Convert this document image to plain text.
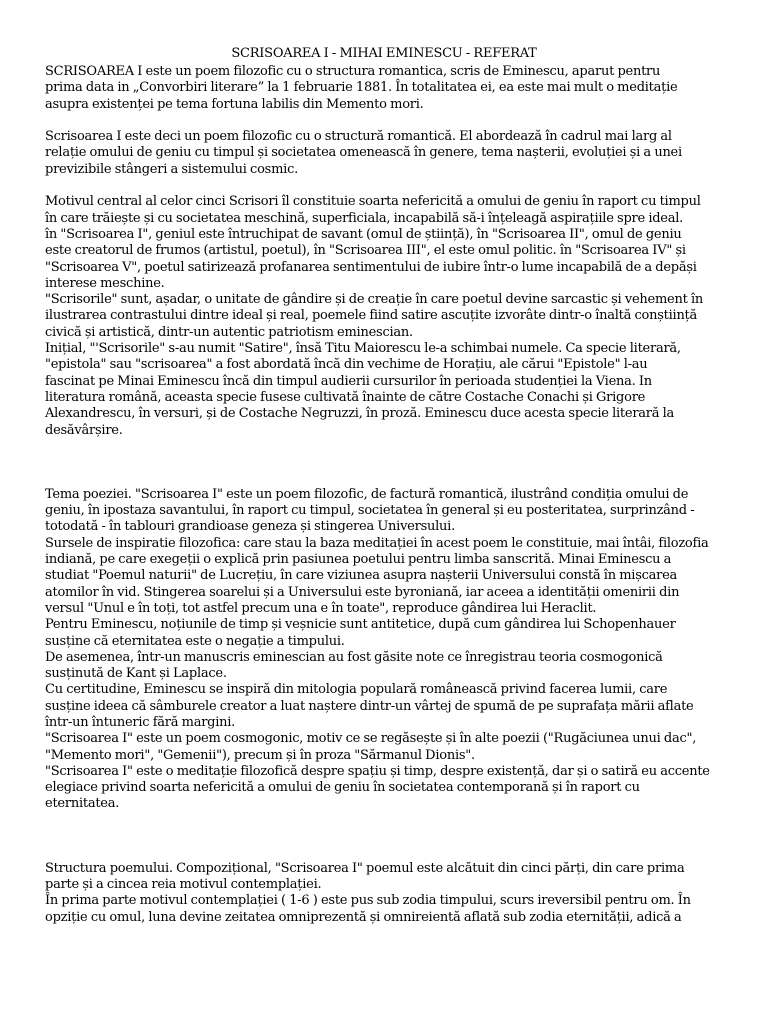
SCRISOAREA I - MIHAI EMINESCU - REFERAT
SCRISOAREA I este un poem filozofic cu o structura romantica, scris de Eminescu, aparut pentru
prima data in „Convorbiri literare” la 1 februarie 1881. În totalitatea ei, ea este mai mult o meditație
asupra existenței pe tema fortuna labilis din Memento mori.
Scrisoarea I este deci un poem filozofic cu o structură romantică. El abordează în cadrul mai larg al
relație omului de geniu cu timpul și societatea omenească în genere, tema nașterii, evoluției și a unei
previzibile stângeri a sistemului cosmic.
Motivul central al celor cinci Scrisori îl constituie soarta nefericită a omului de geniu în raport cu timpul
în care trăiește și cu societatea meschină, superficiala, incapabilă să-i înțeleagă aspirațiile spre ideal.
în "Scrisoarea I", geniul este întruchipat de savant (omul de știință), în "Scrisoarea II", omul de geniu
este creatorul de frumos (artistul, poetul), în "Scrisoarea III", el este omul politic. în "Scrisoarea IV" și
"Scrisoarea V", poetul satirizează profanarea sentimentului de iubire într-o lume incapabilă de a depăși
interese meschine.
"Scrisorile" sunt, așadar, o unitate de gândire și de creație în care poetul devine sarcastic și vehement în
ilustrarea contrastului dintre ideal și real, poemele fiind satire ascuțite izvorâte dintr-o înaltă conștiință
civică și artistică, dintr-un autentic patriotism eminescian.
Inițial, "'Scrisorile" s-au numit "Satire", însă Titu Maiorescu le-a schimbai numele. Ca specie literară,
"epistola" sau "scrisoarea" a fost abordată încă din vechime de Horațiu, ale cărui "Epistole" l-au
fascinat pe Minai Eminescu încă din timpul audierii cursurilor în perioada studenției la Viena. In
literatura română, aceasta specie fusese cultivată înainte de către Costache Conachi și Grigore
Alexandrescu, în versuri, și de Costache Negruzzi, în proză. Eminescu duce acesta specie literară la
desăvârșire.
Tema poeziei. "Scrisoarea I" este un poem filozofic, de factură romantică, ilustrând condiția omului de
geniu, în ipostaza savantului, în raport cu timpul, societatea în general și eu posteritatea, surprinzând -
totodată - în tablouri grandioase geneza și stingerea Universului.
Sursele de inspiratie filozofica: care stau la baza meditației în acest poem le constituie, mai întâi, filozofia
indiană, pe care exegeții o explică prin pasiunea poetului pentru limba sanscrită. Minai Eminescu a
studiat "Poemul naturii" de Lucrețiu, în care viziunea asupra nașterii Universului constă în mișcarea
atomilor în vid. Stingerea soarelui și a Universului este byroniană, iar aceea a identității omenirii din
versul "Unul e în toți, tot astfel precum una e în toate", reproduce gândirea lui Heraclit.
Pentru Eminescu, noțiunile de timp și veșnicie sunt antitetice, după cum gândirea lui Schopenhauer
susține că eternitatea este o negație a timpului.
De asemenea, într-un manuscris eminescian au fost găsite note ce înregistrau teoria cosmogonică
susținută de Kant și Laplace.
Cu certitudine, Eminescu se inspiră din mitologia populară românească privind facerea lumii, care
susține ideea că sâmburele creator a luat naștere dintr-un vârtej de spumă de pe suprafața mării aflate
într-un întuneric fără margini.
"Scrisoarea I" este un poem cosmogonic, motiv ce se regăsește și în alte poezii ("Rugăciunea unui dac",
"Memento mori", "Gemenii"), precum și în proza "Sărmanul Dionis".
"Scrisoarea I" este o meditație filozofică despre spațiu și timp, despre existență, dar și o satiră eu accente
elegiace privind soarta nefericită a omului de geniu în societatea contemporană și în raport cu
eternitatea.
Structura poemului. Compozițional, "Scrisoarea I" poemul este alcătuit din cinci părți, din care prima
parte și a cincea reia motivul contemplației.
În prima parte motivul contemplației ( 1-6 ) este pus sub zodia timpului, scurs ireversibil pentru om. În
opziție cu omul, luna devine zeitatea omniprezentă și omnireientă aflată sub zodia eternității, adică a
